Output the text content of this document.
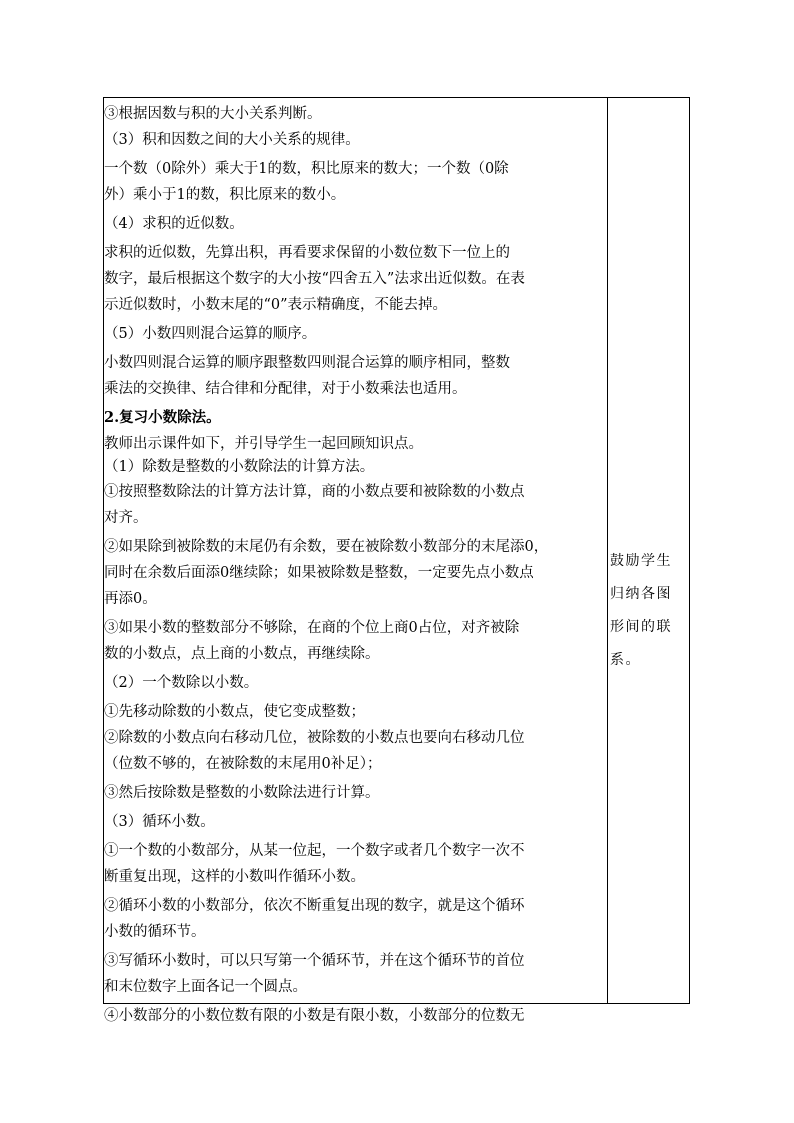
③根据因数与积的大小关系判断。
（3）积和因数之间的大小关系的规律。
一个数（0除外）乘大于1的数，积比原来的数大；一个数（0除
外）乘小于1的数，积比原来的数小。
（4）求积的近似数。
求积的近似数，先算出积，再看要求保留的小数位数下一位上的
数字，最后根据这个数字的大小按“四舍五入”法求出近似数。在表
示近似数时，小数末尾的“0”表示精确度，不能去掉。
（5）小数四则混合运算的顺序。
小数四则混合运算的顺序跟整数四则混合运算的顺序相同，整数
乘法的交换律、结合律和分配律，对于小数乘法也适用。
2.复习小数除法。
教师出示课件如下，并引导学生一起回顾知识点。
（1）除数是整数的小数除法的计算方法。
①按照整数除法的计算方法计算，商的小数点要和被除数的小数点
对齐。
②如果除到被除数的末尾仍有余数，要在被除数小数部分的末尾添0，
同时在余数后面添0继续除；如果被除数是整数，一定要先点小数点
再添0。
③如果小数的整数部分不够除，在商的个位上商0占位，对齐被除
数的小数点，点上商的小数点，再继续除。
（2）一个数除以小数。
①先移动除数的小数点，使它变成整数；
②除数的小数点向右移动几位，被除数的小数点也要向右移动几位
（位数不够的，在被除数的末尾用0补足）；
③然后按除数是整数的小数除法进行计算。
（3）循环小数。
①一个数的小数部分，从某一位起，一个数字或者几个数字一次不
断重复出现，这样的小数叫作循环小数。
②循环小数的小数部分，依次不断重复出现的数字，就是这个循环
小数的循环节。
③写循环小数时，可以只写第一个循环节，并在这个循环节的首位
和末位数字上面各记一个圆点。
④小数部分的小数位数有限的小数是有限小数，小数部分的位数无
鼓励学生
归纳各图
形间的联
系。
